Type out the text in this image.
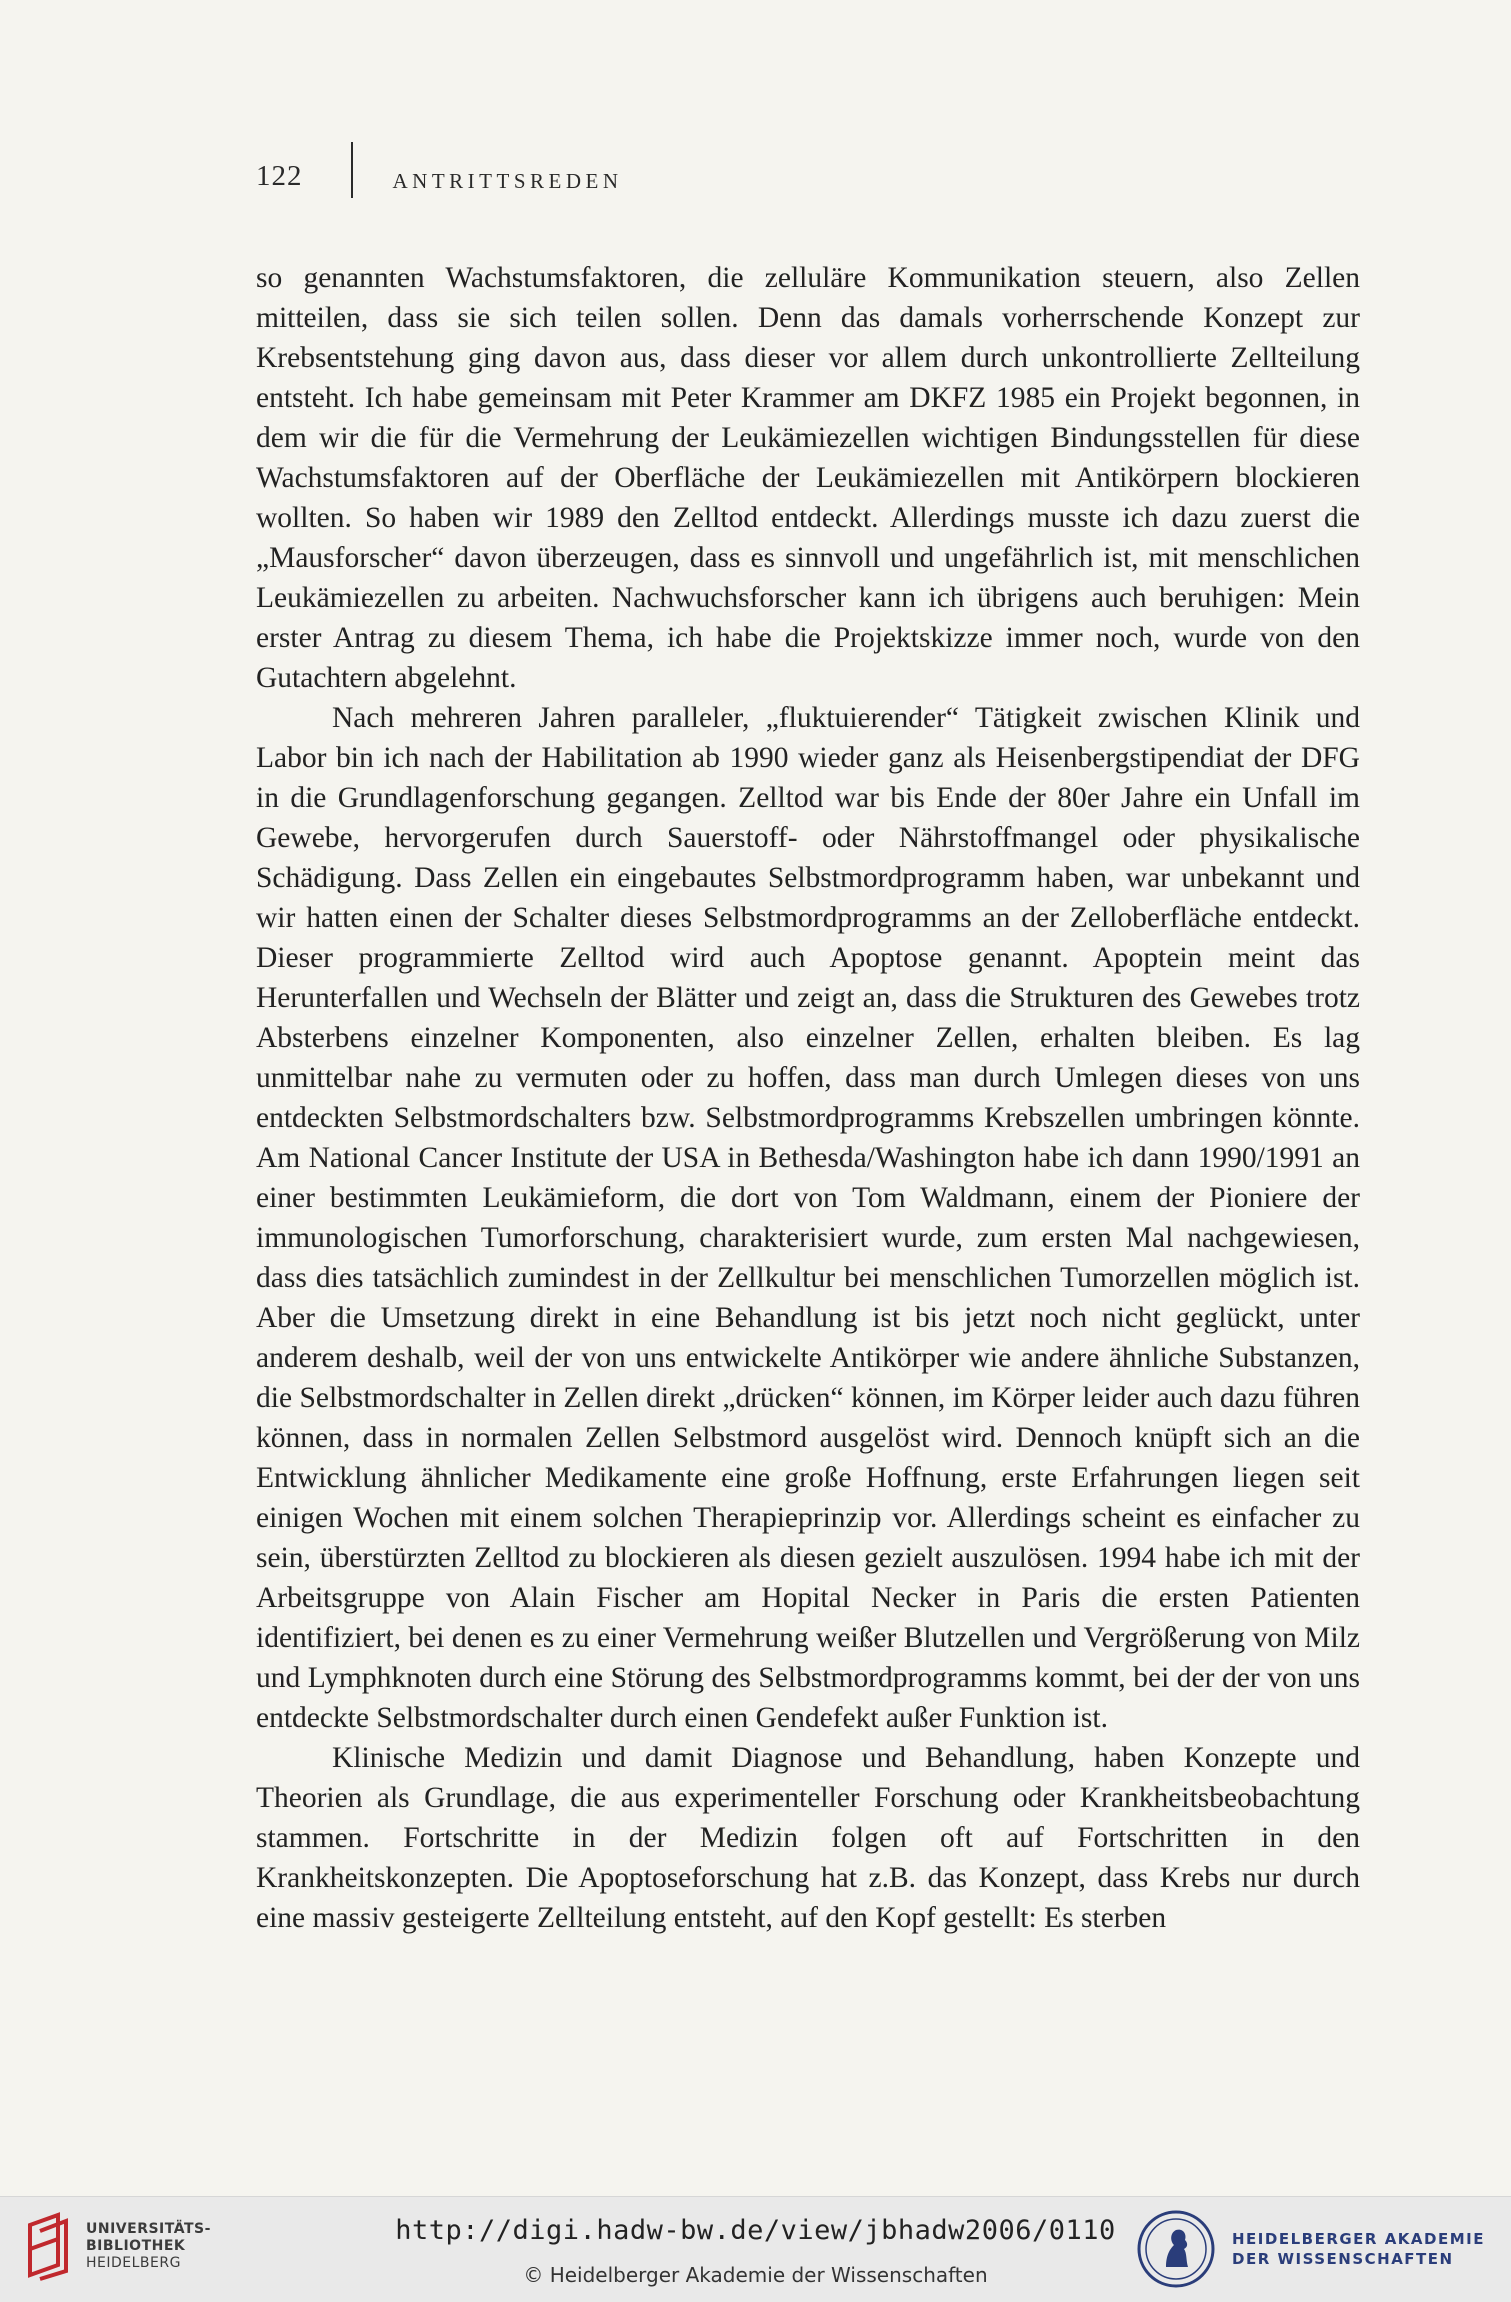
122	ANTRITTSREDEN

so genannten Wachstumsfaktoren, die zelluläre Kommunikation steuern, also Zellen mitteilen, dass sie sich teilen sollen. Denn das damals vorherrschende Konzept zur Krebsentstehung ging davon aus, dass dieser vor allem durch unkontrollierte Zellteilung entsteht. Ich habe gemeinsam mit Peter Krammer am DKFZ 1985 ein Projekt begonnen, in dem wir die für die Vermehrung der Leukämiezellen wichtigen Bindungsstellen für diese Wachstumsfaktoren auf der Oberfläche der Leukämiezellen mit Antikörpern blockieren wollten. So haben wir 1989 den Zelltod entdeckt. Allerdings musste ich dazu zuerst die „Mausforscher“ davon überzeugen, dass es sinnvoll und ungefährlich ist, mit menschlichen Leukämiezellen zu arbeiten. Nachwuchsforscher kann ich übrigens auch beruhigen: Mein erster Antrag zu diesem Thema, ich habe die Projektskizze immer noch, wurde von den Gutachtern abgelehnt.

Nach mehreren Jahren paralleler, „fluktuierender“ Tätigkeit zwischen Klinik und Labor bin ich nach der Habilitation ab 1990 wieder ganz als Heisenbergstipendiat der DFG in die Grundlagenforschung gegangen. Zelltod war bis Ende der 80er Jahre ein Unfall im Gewebe, hervorgerufen durch Sauerstoff- oder Nährstoffmangel oder physikalische Schädigung. Dass Zellen ein eingebautes Selbstmordprogramm haben, war unbekannt und wir hatten einen der Schalter dieses Selbstmordprogramms an der Zelloberfläche entdeckt. Dieser programmierte Zelltod wird auch Apoptose genannt. Apoptein meint das Herunterfallen und Wechseln der Blätter und zeigt an, dass die Strukturen des Gewebes trotz Absterbens einzelner Komponenten, also einzelner Zellen, erhalten bleiben. Es lag unmittelbar nahe zu vermuten oder zu hoffen, dass man durch Umlegen dieses von uns entdeckten Selbstmordschalters bzw. Selbstmordprogramms Krebszellen umbringen könnte. Am National Cancer Institute der USA in Bethesda/Washington habe ich dann 1990/1991 an einer bestimmten Leukämieform, die dort von Tom Waldmann, einem der Pioniere der immunologischen Tumorforschung, charakterisiert wurde, zum ersten Mal nachgewiesen, dass dies tatsächlich zumindest in der Zellkultur bei menschlichen Tumorzellen möglich ist. Aber die Umsetzung direkt in eine Behandlung ist bis jetzt noch nicht geglückt, unter anderem deshalb, weil der von uns entwickelte Antikörper wie andere ähnliche Substanzen, die Selbstmordschalter in Zellen direkt „drücken“ können, im Körper leider auch dazu führen können, dass in normalen Zellen Selbstmord ausgelöst wird. Dennoch knüpft sich an die Entwicklung ähnlicher Medikamente eine große Hoffnung, erste Erfahrungen liegen seit einigen Wochen mit einem solchen Therapieprinzip vor. Allerdings scheint es einfacher zu sein, überstürzten Zelltod zu blockieren als diesen gezielt auszulösen. 1994 habe ich mit der Arbeitsgruppe von Alain Fischer am Hopital Necker in Paris die ersten Patienten identifiziert, bei denen es zu einer Vermehrung weißer Blutzellen und Vergrößerung von Milz und Lymphknoten durch eine Störung des Selbstmordprogramms kommt, bei der der von uns entdeckte Selbstmordschalter durch einen Gendefekt außer Funktion ist.

Klinische Medizin und damit Diagnose und Behandlung, haben Konzepte und Theorien als Grundlage, die aus experimenteller Forschung oder Krankheitsbeobachtung stammen. Fortschritte in der Medizin folgen oft auf Fortschritten in den Krankheitskonzepten. Die Apoptoseforschung hat z.B. das Konzept, dass Krebs nur durch eine massiv gesteigerte Zellteilung entsteht, auf den Kopf gestellt: Es sterben

UNIVERSITÄTS-
BIBLIOTHEK
HEIDELBERG
http://digi.hadw-bw.de/view/jbhadw2006/0110
© Heidelberger Akademie der Wissenschaften
HEIDELBERGER AKADEMIE
DER WISSENSCHAFTEN
